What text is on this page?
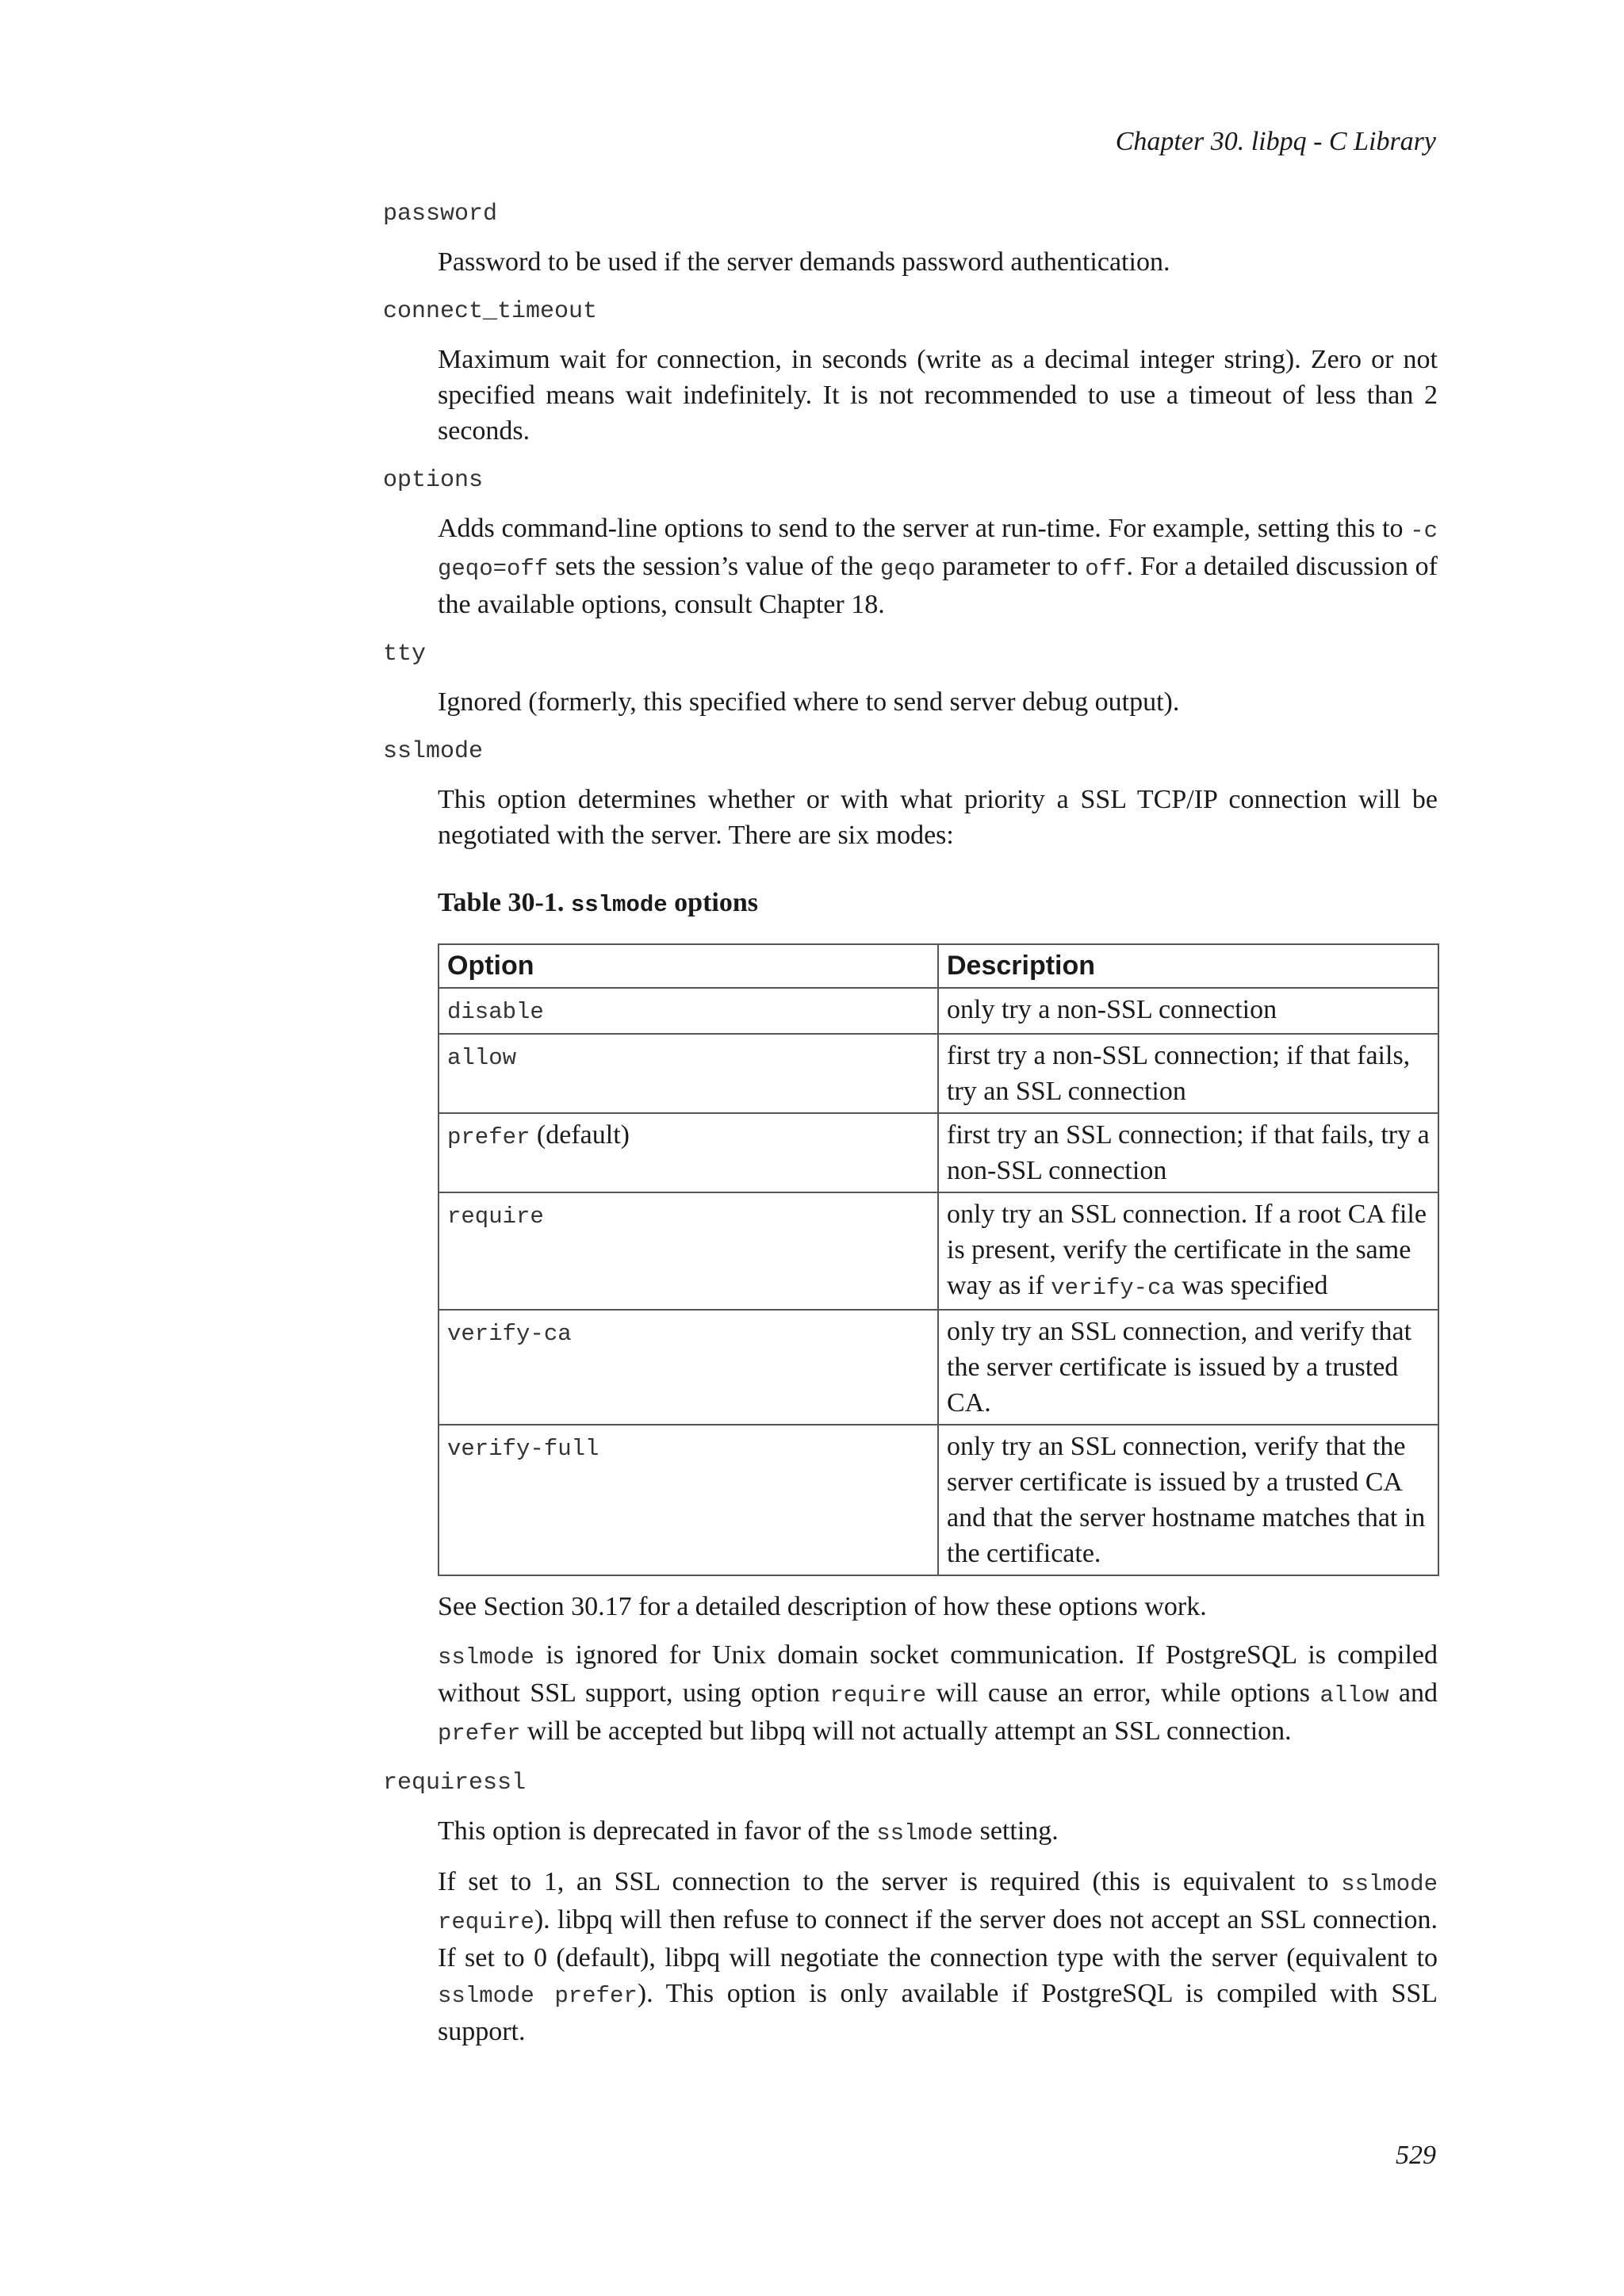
Chapter 30. libpq - C Library
password

Password to be used if the server demands password authentication.

connect_timeout

Maximum wait for connection, in seconds (write as a decimal integer string). Zero or not specified means wait indefinitely. It is not recommended to use a timeout of less than 2 seconds.

options

Adds command-line options to send to the server at run-time. For example, setting this to -c geqo=off sets the session’s value of the geqo parameter to off. For a detailed discussion of the available options, consult Chapter 18.

tty

Ignored (formerly, this specified where to send server debug output).

sslmode

This option determines whether or with what priority a SSL TCP/IP connection will be negotiated with the server. There are six modes:

Table 30-1. sslmode options
Option	Description
disable	only try a non-SSL connection
allow	first try a non-SSL connection; if that fails, try an SSL connection
prefer (default)	first try an SSL connection; if that fails, try a non-SSL connection
require	only try an SSL connection. If a root CA file is present, verify the certificate in the same way as if verify-ca was specified
verify-ca	only try an SSL connection, and verify that the server certificate is issued by a trusted CA.
verify-full	only try an SSL connection, verify that the server certificate is issued by a trusted CA and that the server hostname matches that in the certificate.

See Section 30.17 for a detailed description of how these options work.

sslmode is ignored for Unix domain socket communication. If PostgreSQL is compiled without SSL support, using option require will cause an error, while options allow and prefer will be accepted but libpq will not actually attempt an SSL connection.

requiressl

This option is deprecated in favor of the sslmode setting.

If set to 1, an SSL connection to the server is required (this is equivalent to sslmode require). libpq will then refuse to connect if the server does not accept an SSL connection. If set to 0 (default), libpq will negotiate the connection type with the server (equivalent to sslmode prefer). This option is only available if PostgreSQL is compiled with SSL support.

529
